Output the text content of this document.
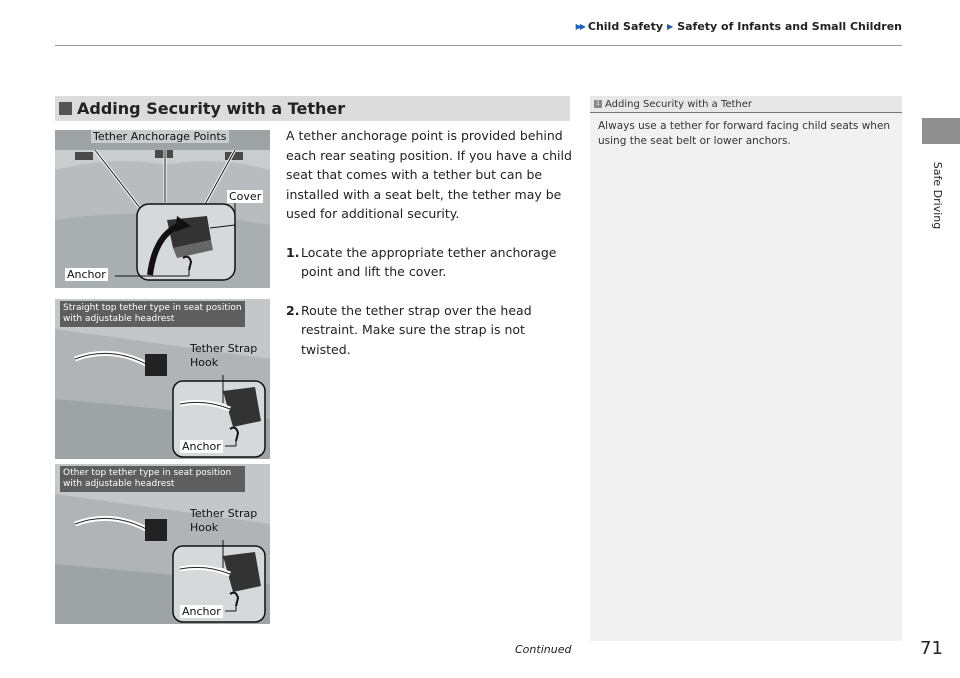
▶▶ Child Safety ▶ Safety of Infants and Small Children
Safe Driving
Adding Security with a Tether

A tether anchorage point is provided behind each rear seating position. If you have a child seat that comes with a tether but can be installed with a seat belt, the tether may be used for additional security.

1. Locate the appropriate tether anchorage point and lift the cover.
2. Route the tether strap over the head restraint. Make sure the strap is not twisted.
1 Adding Security with a Tether
Always use a tether for forward facing child seats when using the seat belt or lower anchors.
Tether Anchorage Points
Cover
Anchor
Straight top tether type in seat position with adjustable headrest
Tether Strap
Hook
Anchor
Other top tether type in seat position with adjustable headrest
Tether Strap
Hook
Anchor
Continued	71
